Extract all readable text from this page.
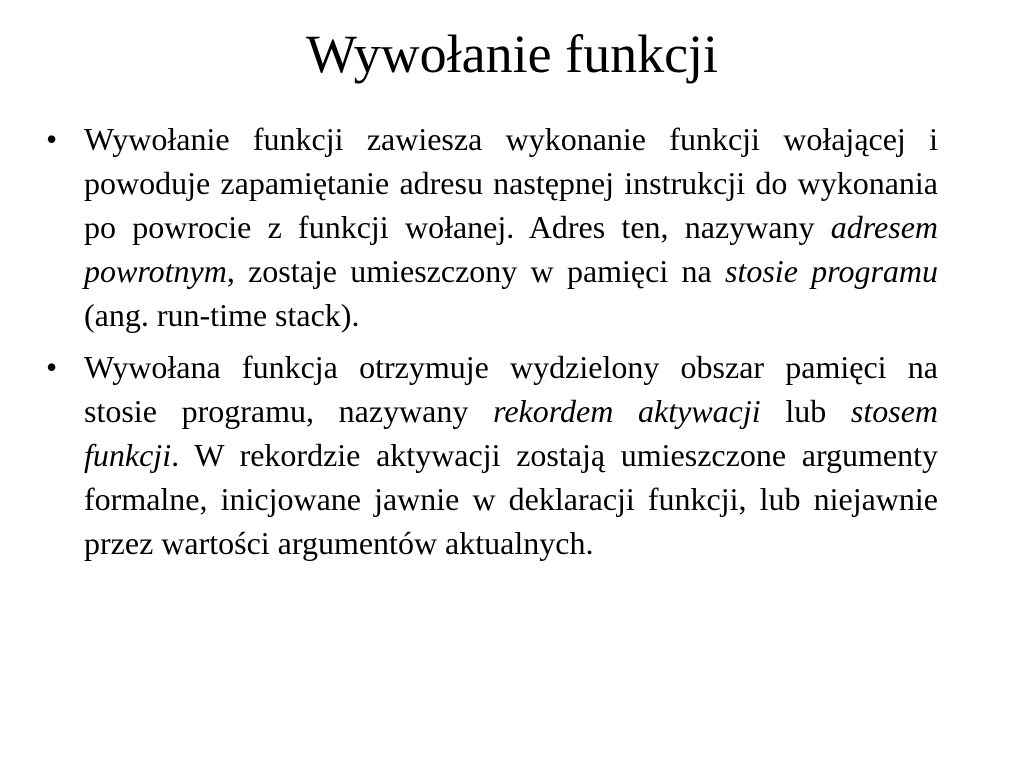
Wywołanie funkcji
• Wywołanie funkcji zawiesza wykonanie funkcji wołającej i powoduje zapamiętanie adresu następnej instrukcji do wykonania po powrocie z funkcji wołanej. Adres ten, nazywany adresem powrotnym, zostaje umieszczony w pamięci na stosie programu (ang. run-time stack).
• Wywołana funkcja otrzymuje wydzielony obszar pamięci na stosie programu, nazywany rekordem aktywacji lub stosem funkcji. W rekordzie aktywacji zostają umieszczone argumenty formalne, inicjowane jawnie w deklaracji funkcji, lub niejawnie przez wartości argumentów aktualnych.
